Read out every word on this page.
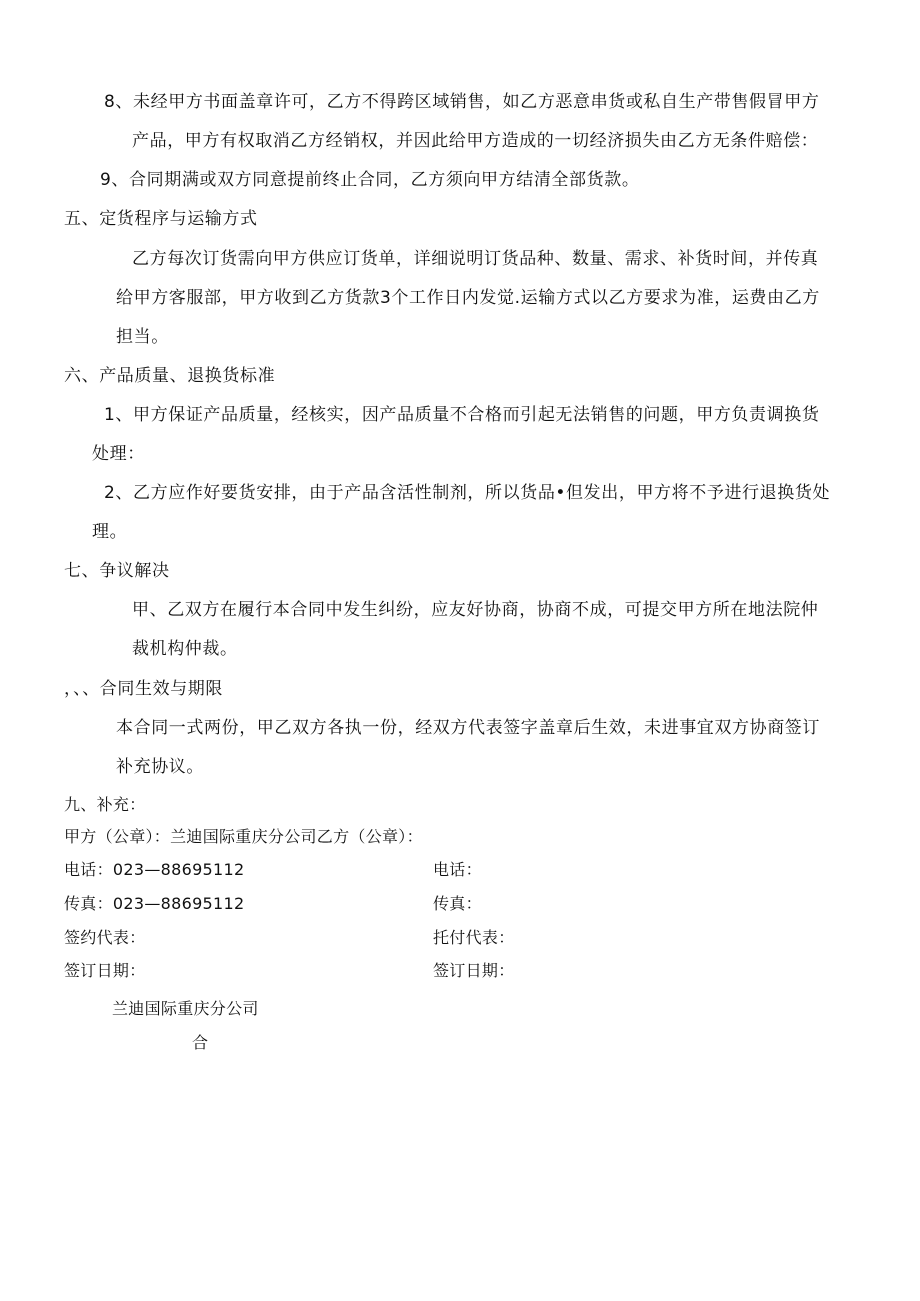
8、未经甲方书面盖章许可，乙方不得跨区域销售，如乙方恶意串货或私自生产带售假冒甲方
产品，甲方有权取消乙方经销权，并因此给甲方造成的一切经济损失由乙方无条件赔偿：
9、合同期满或双方同意提前终止合同，乙方须向甲方结清全部货款。
五、定货程序与运输方式
乙方每次订货需向甲方供应订货单，详细说明订货品种、数量、需求、补货时间，并传真
给甲方客服部，甲方收到乙方货款3个工作日内发觉.运输方式以乙方要求为准，运费由乙方
担当。
六、产品质量、退换货标准
1、甲方保证产品质量，经核实，因产品质量不合格而引起无法销售的问题，甲方负责调换货
处理：
2、乙方应作好要货安排，由于产品含活性制剂，所以货品•但发出，甲方将不予进行退换货处
理。
七、争议解决
甲、乙双方在履行本合同中发生纠纷，应友好协商，协商不成，可提交甲方所在地法院仲
裁机构仲裁。
，、、合同生效与期限
本合同一式两份，甲乙双方各执一份，经双方代表签字盖章后生效，未进事宜双方协商签订
补充协议。
九、补充：
甲方（公章）：兰迪国际重庆分公司乙方（公章）：
电话：023—88695112	电话：
传真：023—88695112	传真：
签约代表：	托付代表：
签订日期：	签订日期：
兰迪国际重庆分公司
合
